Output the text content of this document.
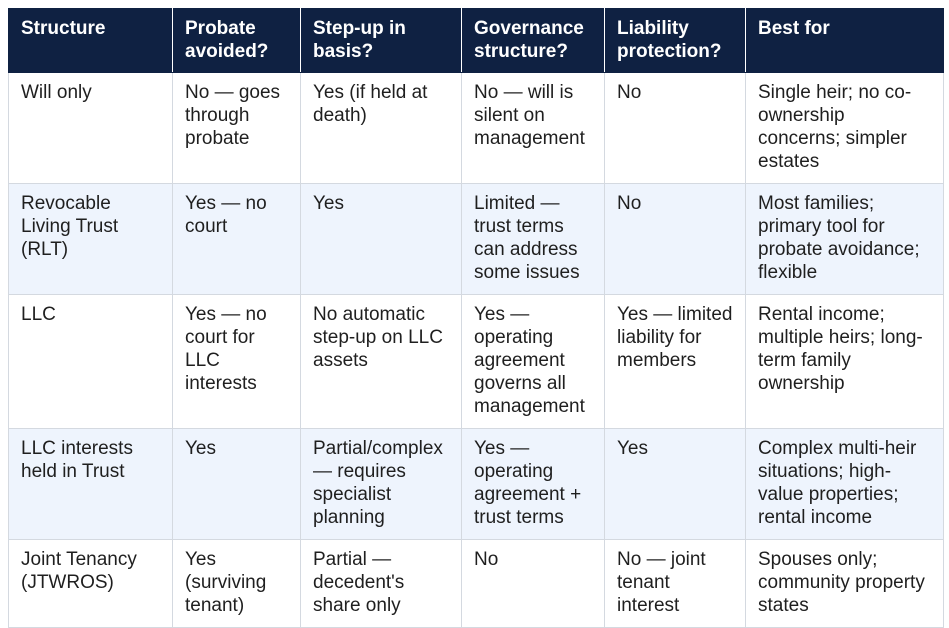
Structure	Probate avoided?	Step-up in basis?	Governance structure?	Liability protection?	Best for
Will only	No — goes through probate	Yes (if held at death)	No — will is silent on management	No	Single heir; no co-ownership concerns; simpler estates
Revocable Living Trust (RLT)	Yes — no court	Yes	Limited — trust terms can address some issues	No	Most families; primary tool for probate avoidance; flexible
LLC	Yes — no court for LLC interests	No automatic step-up on LLC assets	Yes — operating agreement governs all management	Yes — limited liability for members	Rental income; multiple heirs; long-term family ownership
LLC interests held in Trust	Yes	Partial/complex — requires specialist planning	Yes — operating agreement + trust terms	Yes	Complex multi-heir situations; high-value properties; rental income
Joint Tenancy (JTWROS)	Yes (surviving tenant)	Partial — decedent's share only	No	No — joint tenant interest	Spouses only; community property states
